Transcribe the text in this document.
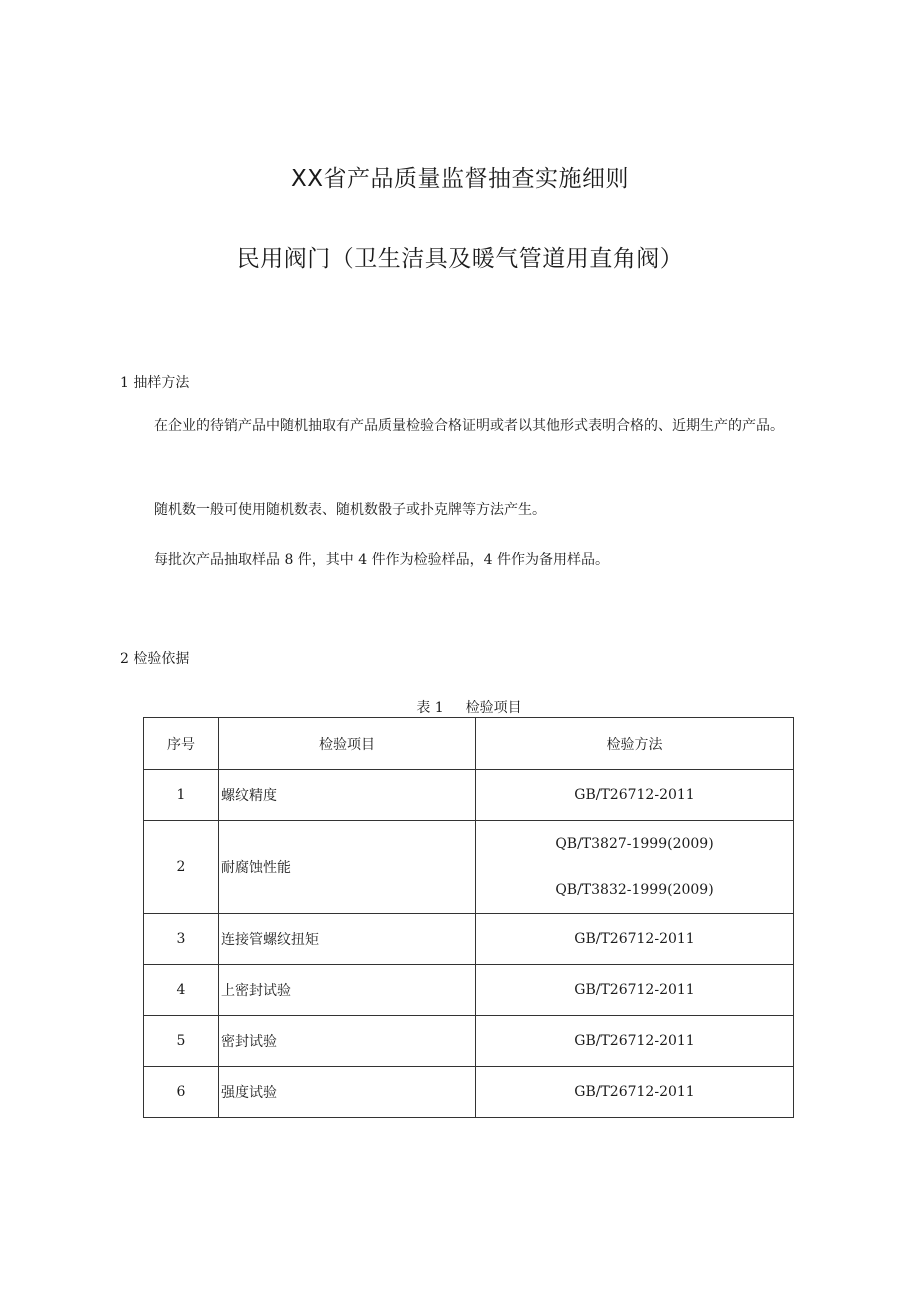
XX省产品质量监督抽查实施细则
民用阀门（卫生洁具及暖气管道用直角阀）
1 抽样方法
在企业的待销产品中随机抽取有产品质量检验合格证明或者以其他形式表明合格的、近期生产的产品。
随机数一般可使用随机数表、随机数骰子或扑克牌等方法产生。
每批次产品抽取样品 8 件，其中 4 件作为检验样品，4 件作为备用样品。
2 检验依据
表 1 检验项目
序号	检验项目	检验方法
1	螺纹精度	GB/T26712-2011
2	耐腐蚀性能	QB/T3827-1999(2009)
QB/T3832-1999(2009)

3	连接管螺纹扭矩	GB/T26712-2011
4	上密封试验	GB/T26712-2011
5	密封试验	GB/T26712-2011
6	强度试验	GB/T26712-2011
